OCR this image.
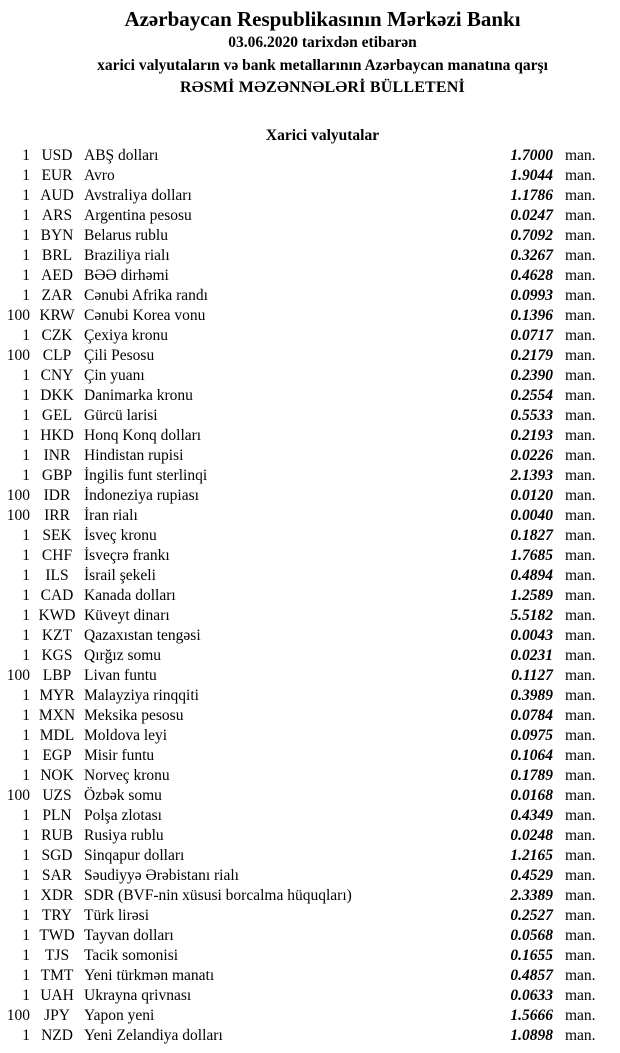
Azərbaycan Respublikasının Mərkəzi Bankı
03.06.2020 tarixdən etibarən
xarici valyutaların və bank metallarının Azərbaycan manatına qarşı
RƏSMİ MƏZƏNNƏLƏRİ BÜLLETENİ
Xarici valyutalar
1 USD ABŞ dolları	1.7000 man.
1 EUR Avro	1.9044 man.
1 AUD Avstraliya dolları	1.1786 man.
1 ARS Argentina pesosu	0.0247 man.
1 BYN Belarus rublu	0.7092 man.
1 BRL Braziliya rialı	0.3267 man.
1 AED BƏƏ dirhəmi	0.4628 man.
1 ZAR Cənubi Afrika randı	0.0993 man.
100 KRW Cənubi Korea vonu	0.1396 man.
1 CZK Çexiya kronu	0.0717 man.
100 CLP Çili Pesosu	0.2179 man.
1 CNY Çin yuanı	0.2390 man.
1 DKK Danimarka kronu	0.2554 man.
1 GEL Gürcü larisi	0.5533 man.
1 HKD Honq Konq dolları	0.2193 man.
1 INR Hindistan rupisi	0.0226 man.
1 GBP İngilis funt sterlinqi	2.1393 man.
100 IDR İndoneziya rupiası	0.0120 man.
100 IRR İran rialı	0.0040 man.
1 SEK İsveç kronu	0.1827 man.
1 CHF İsveçrə frankı	1.7685 man.
1 ILS İsrail şekeli	0.4894 man.
1 CAD Kanada dolları	1.2589 man.
1 KWD Küveyt dinarı	5.5182 man.
1 KZT Qazaxıstan tengəsi	0.0043 man.
1 KGS Qırğız somu	0.0231 man.
100 LBP Livan funtu	0.1127 man.
1 MYR Malayziya rinqqiti	0.3989 man.
1 MXN Meksika pesosu	0.0784 man.
1 MDL Moldova leyi	0.0975 man.
1 EGP Misir funtu	0.1064 man.
1 NOK Norveç kronu	0.1789 man.
100 UZS Özbək somu	0.0168 man.
1 PLN Polşa zlotası	0.4349 man.
1 RUB Rusiya rublu	0.0248 man.
1 SGD Sinqapur dolları	1.2165 man.
1 SAR Səudiyyə Ərəbistanı rialı	0.4529 man.
1 XDR SDR (BVF-nin xüsusi borcalma hüquqları)	2.3389 man.
1 TRY Türk lirəsi	0.2527 man.
1 TWD Tayvan dolları	0.0568 man.
1 TJS Tacik somonisi	0.1655 man.
1 TMT Yeni türkmən manatı	0.4857 man.
1 UAH Ukrayna qrivnası	0.0633 man.
100 JPY Yapon yeni	1.5666 man.
1 NZD Yeni Zelandiya dolları	1.0898 man.
